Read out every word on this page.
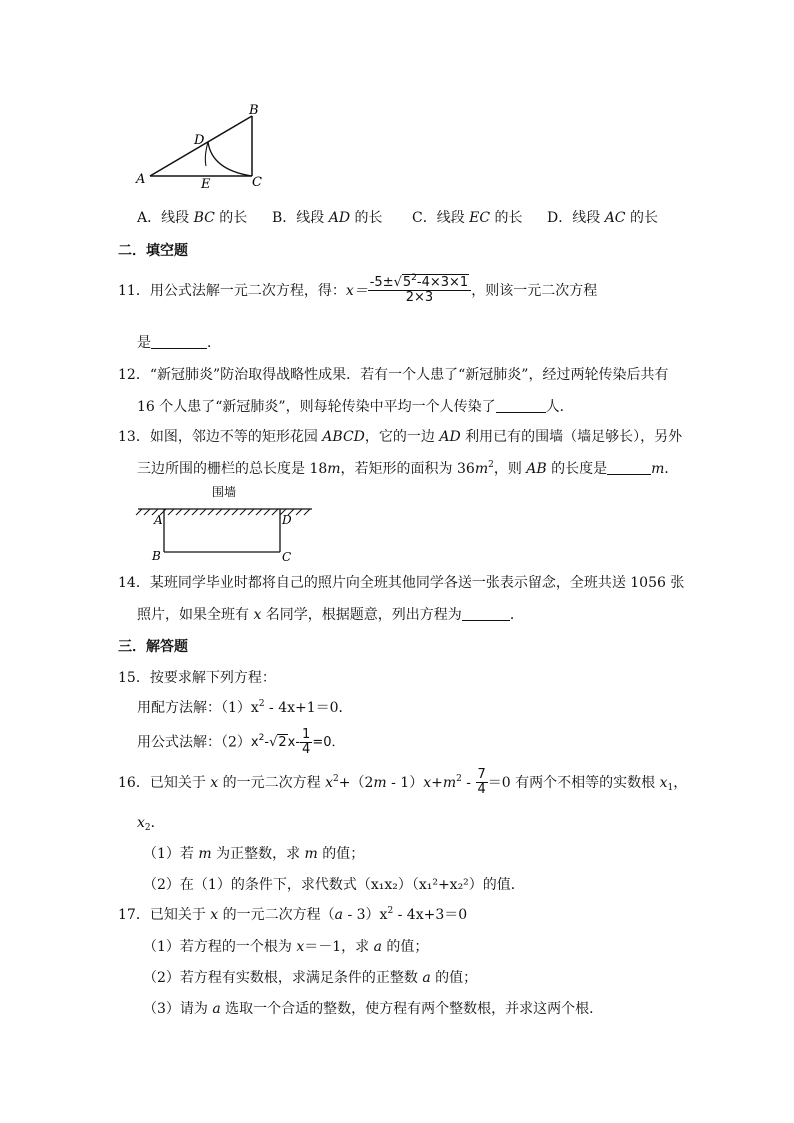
A
B
C
D
E
A．线段 BC 的长 B．线段 AD 的长 C．线段 EC 的长 D．线段 AC 的长
二．填空题
11．用公式法解一元二次方程，得：$x= \frac{-5\pm√5^2-4\times 3\times 1}{2\times 3}$ ，则该一元二次方程
是	．
12．“新冠肺炎”防治取得战略性成果．若有一个人患了“新冠肺炎”，经过两轮传染后共有
16 个人患了“新冠肺炎”，则每轮传染中平均一个人传染了	人．
13．如图，邻边不等的矩形花园 ABCD，它的一边 AD 利用已有的围墙（墙足够长），另外
三边所围的栅栏的总长度是 18m，若矩形的面积为 $36m^2$，则 AB 的长度是	m．
围墙
A	D
B	C
14．某班同学毕业时都将自己的照片向全班其他同学各送一张表示留念，全班共送 1056 张
照片，如果全班有 x 名同学，根据题意，列出方程为	．
三．解答题
15．按要求解下列方程：
用配方法解：$(1)x^2 - 4x+1=0$．
用公式法解：$(2)x^2-√2x- \frac{1}{4} =0$．
16．已知关于 x 的一元二次方程 $x^2+(2m - 1)x+m^2 - \frac{7}{4} =0$ 有两个不相等的实数根 $x_1$，
$x_2$．
（1）若 m 为正整数，求 m 的值；
（2）在（1）的条件下，求代数式（x₁x₂）（x₁²+x₂²）的值．
17．已知关于 x 的一元二次方程$(a - 3)x^2 - 4x+3=0$
（1）若方程的一个根为 x＝－1，求 a 的值；
（2）若方程有实数根，求满足条件的正整数 a 的值；
（3）请为 a 选取一个合适的整数，使方程有两个整数根，并求这两个根．
